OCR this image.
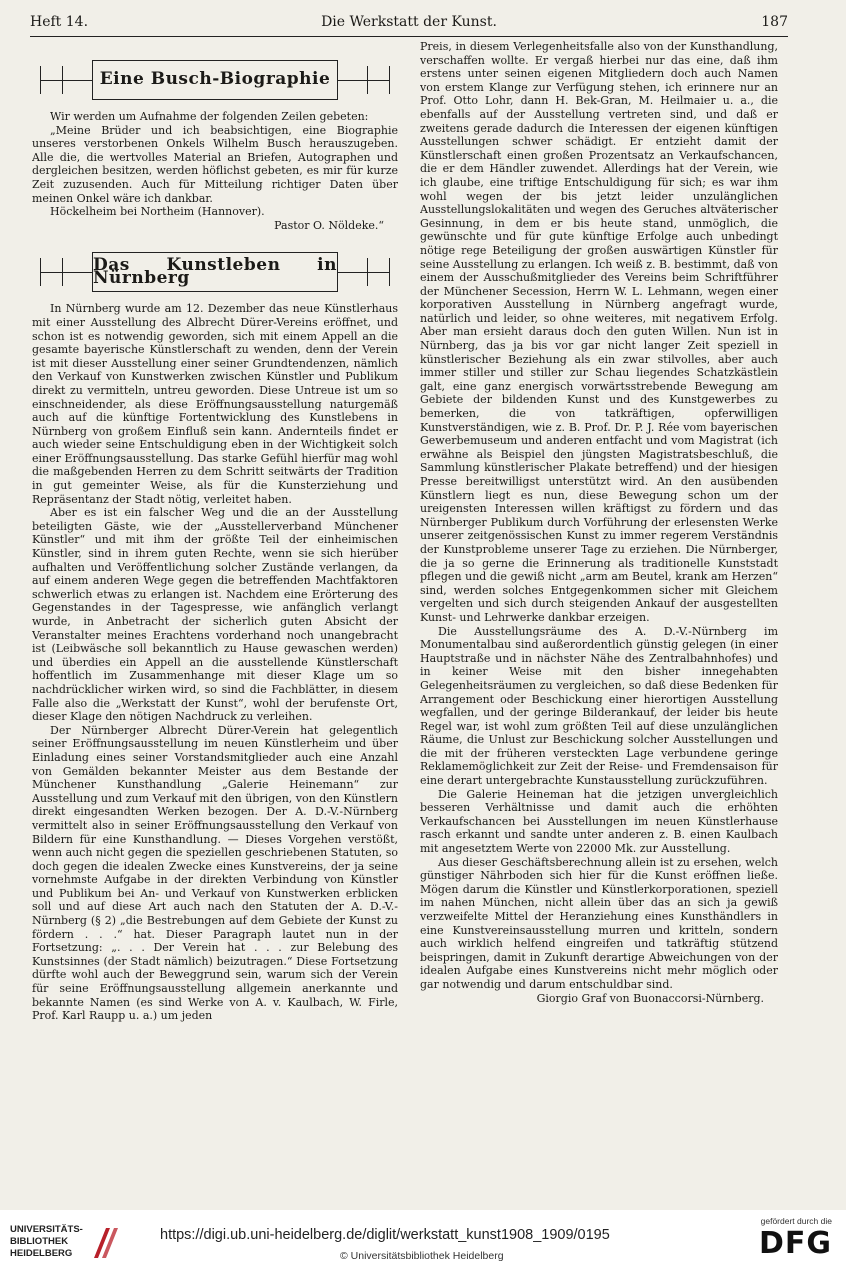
Heft 14.	Die Werkstatt der Kunst.	187
Eine Busch-Biographie

Wir werden um Aufnahme der folgenden Zeilen gebeten:

„Meine Brüder und ich beabsichtigen, eine Biographie unseres verstorbenen Onkels Wilhelm Busch herauszugeben. Alle die, die wertvolles Material an Briefen, Autographen und dergleichen besitzen, werden höflichst gebeten, es mir für kurze Zeit zuzusenden. Auch für Mitteilung richtiger Daten über meinen Onkel wäre ich dankbar.

Höckelheim bei Northeim (Hannover).

Pastor O. Nöldeke.“

Das Kunstleben in Nürnberg

In Nürnberg wurde am 12. Dezember das neue Künstlerhaus mit einer Ausstellung des Albrecht Dürer-Vereins eröffnet, und schon ist es notwendig geworden, sich mit einem Appell an die gesamte bayerische Künstlerschaft zu wenden, denn der Verein ist mit dieser Ausstellung einer seiner Grundtendenzen, nämlich den Verkauf von Kunstwerken zwischen Künstler und Publikum direkt zu vermitteln, untreu geworden. Diese Untreue ist um so einschneidender, als diese Eröffnungsausstellung naturgemäß auch auf die künftige Fortentwicklung des Kunstlebens in Nürnberg von großem Einfluß sein kann. Andernteils findet er auch wieder seine Entschuldigung eben in der Wichtigkeit solch einer Eröffnungsausstellung. Das starke Gefühl hierfür mag wohl die maßgebenden Herren zu dem Schritt seitwärts der Tradition in gut gemeinter Weise, als für die Kunsterziehung und Repräsentanz der Stadt nötig, verleitet haben.

Aber es ist ein falscher Weg und die an der Ausstellung beteiligten Gäste, wie der „Ausstellerverband Münchener Künstler“ und mit ihm der größte Teil der einheimischen Künstler, sind in ihrem guten Rechte, wenn sie sich hierüber aufhalten und Veröffentlichung solcher Zustände verlangen, da auf einem anderen Wege gegen die betreffenden Machtfaktoren schwerlich etwas zu erlangen ist. Nachdem eine Erörterung des Gegenstandes in der Tagespresse, wie anfänglich verlangt wurde, in Anbetracht der sicherlich guten Absicht der Veranstalter meines Erachtens vorderhand noch unangebracht ist (Leibwäsche soll bekanntlich zu Hause gewaschen werden) und überdies ein Appell an die ausstellende Künstlerschaft hoffentlich im Zusammenhange mit dieser Klage um so nachdrücklicher wirken wird, so sind die Fachblätter, in diesem Falle also die „Werkstatt der Kunst“, wohl der berufenste Ort, dieser Klage den nötigen Nachdruck zu verleihen.

Der Nürnberger Albrecht Dürer-Verein hat gelegentlich seiner Eröffnungsausstellung im neuen Künstlerheim und über Einladung eines seiner Vorstandsmitglieder auch eine Anzahl von Gemälden bekannter Meister aus dem Bestande der Münchener Kunsthandlung „Galerie Heinemann“ zur Ausstellung und zum Verkauf mit den übrigen, von den Künstlern direkt eingesandten Werken bezogen. Der A. D.-V.-Nürnberg vermittelt also in seiner Eröffnungsausstellung den Verkauf von Bildern für eine Kunsthandlung. — Dieses Vorgehen verstößt, wenn auch nicht gegen die speziellen geschriebenen Statuten, so doch gegen die idealen Zwecke eines Kunstvereins, der ja seine vornehmste Aufgabe in der direkten Verbindung von Künstler und Publikum bei An- und Verkauf von Kunstwerken erblicken soll und auf diese Art auch nach den Statuten der A. D.-V.-Nürnberg (§ 2) „die Bestrebungen auf dem Gebiete der Kunst zu fördern . . .“ hat. Dieser Paragraph lautet nun in der Fortsetzung: „. . . Der Verein hat . . . zur Belebung des Kunstsinnes (der Stadt nämlich) beizutragen.“ Diese Fortsetzung dürfte wohl auch der Beweggrund sein, warum sich der Verein für seine Eröffnungsausstellung allgemein anerkannte und bekannte Namen (es sind Werke von A. v. Kaulbach, W. Firle, Prof. Karl Raupp u. a.) um jeden

Preis, in diesem Verlegenheitsfalle also von der Kunsthandlung, verschaffen wollte. Er vergaß hierbei nur das eine, daß ihm erstens unter seinen eigenen Mitgliedern doch auch Namen von erstem Klange zur Verfügung stehen, ich erinnere nur an Prof. Otto Lohr, dann H. Bek-Gran, M. Heilmaier u. a., die ebenfalls auf der Ausstellung vertreten sind, und daß er zweitens gerade dadurch die Interessen der eigenen künftigen Ausstellungen schwer schädigt. Er entzieht damit der Künstlerschaft einen großen Prozentsatz an Verkaufschancen, die er dem Händler zuwendet. Allerdings hat der Verein, wie ich glaube, eine triftige Entschuldigung für sich; es war ihm wohl wegen der bis jetzt leider unzulänglichen Ausstellungslokalitäten und wegen des Geruches altväterischer Gesinnung, in dem er bis heute stand, unmöglich, die gewünschte und für gute künftige Erfolge auch unbedingt nötige rege Beteiligung der großen auswärtigen Künstler für seine Ausstellung zu erlangen. Ich weiß z. B. bestimmt, daß von einem der Ausschußmitglieder des Vereins beim Schriftführer der Münchener Secession, Herrn W. L. Lehmann, wegen einer korporativen Ausstellung in Nürnberg angefragt wurde, natürlich und leider, so ohne weiteres, mit negativem Erfolg. Aber man ersieht daraus doch den guten Willen. Nun ist in Nürnberg, das ja bis vor gar nicht langer Zeit speziell in künstlerischer Beziehung als ein zwar stilvolles, aber auch immer stiller und stiller zur Schau liegendes Schatzkästlein galt, eine ganz energisch vorwärtsstrebende Bewegung am Gebiete der bildenden Kunst und des Kunstgewerbes zu bemerken, die von tatkräftigen, opferwilligen Kunstverständigen, wie z. B. Prof. Dr. P. J. Rée vom bayerischen Gewerbemuseum und anderen entfacht und vom Magistrat (ich erwähne als Beispiel den jüngsten Magistratsbeschluß, die Sammlung künstlerischer Plakate betreffend) und der hiesigen Presse bereitwilligst unterstützt wird. An den ausübenden Künstlern liegt es nun, diese Bewegung schon um der ureigensten Interessen willen kräftigst zu fördern und das Nürnberger Publikum durch Vorführung der erlesensten Werke unserer zeitgenössischen Kunst zu immer regerem Verständnis der Kunstprobleme unserer Tage zu erziehen. Die Nürnberger, die ja so gerne die Erinnerung als traditionelle Kunststadt pflegen und die gewiß nicht „arm am Beutel, krank am Herzen“ sind, werden solches Entgegenkommen sicher mit Gleichem vergelten und sich durch steigenden Ankauf der ausgestellten Kunst- und Lehrwerke dankbar erzeigen.

Die Ausstellungsräume des A. D.-V.-Nürnberg im Monumentalbau sind außerordentlich günstig gelegen (in einer Hauptstraße und in nächster Nähe des Zentralbahnhofes) und in keiner Weise mit den bisher innegehabten Gelegenheitsräumen zu vergleichen, so daß diese Bedenken für Arrangement oder Beschickung einer hierortigen Ausstellung wegfallen, und der geringe Bilderankauf, der leider bis heute Regel war, ist wohl zum größten Teil auf diese unzulänglichen Räume, die Unlust zur Beschickung solcher Ausstellungen und die mit der früheren versteckten Lage verbundene geringe Reklamemöglichkeit zur Zeit der Reise- und Fremdensaison für eine derart untergebrachte Kunstausstellung zurückzuführen.

Die Galerie Heineman hat die jetzigen unvergleichlich besseren Verhältnisse und damit auch die erhöhten Verkaufschancen bei Ausstellungen im neuen Künstlerhause rasch erkannt und sandte unter anderen z. B. einen Kaulbach mit angesetztem Werte von 22000 Mk. zur Ausstellung.

Aus dieser Geschäftsberechnung allein ist zu ersehen, welch günstiger Nährboden sich hier für die Kunst eröffnen ließe. Mögen darum die Künstler und Künstlerkorporationen, speziell im nahen München, nicht allein über das an sich ja gewiß verzweifelte Mittel der Heranziehung eines Kunsthändlers in eine Kunstvereinsausstellung murren und kritteln, sondern auch wirklich helfend eingreifen und tatkräftig stützend beispringen, damit in Zukunft derartige Abweichungen von der idealen Aufgabe eines Kunstvereins nicht mehr möglich oder gar notwendig und darum entschuldbar sind.

Giorgio Graf von Buonaccorsi-Nürnberg.

UNIVERSITÄTS-
BIBLIOTHEK
HEIDELBERG
https://digi.ub.uni-heidelberg.de/diglit/werkstatt_kunst1908_1909/0195
© Universitätsbibliothek Heidelberg
gefördert durch die
DFG
